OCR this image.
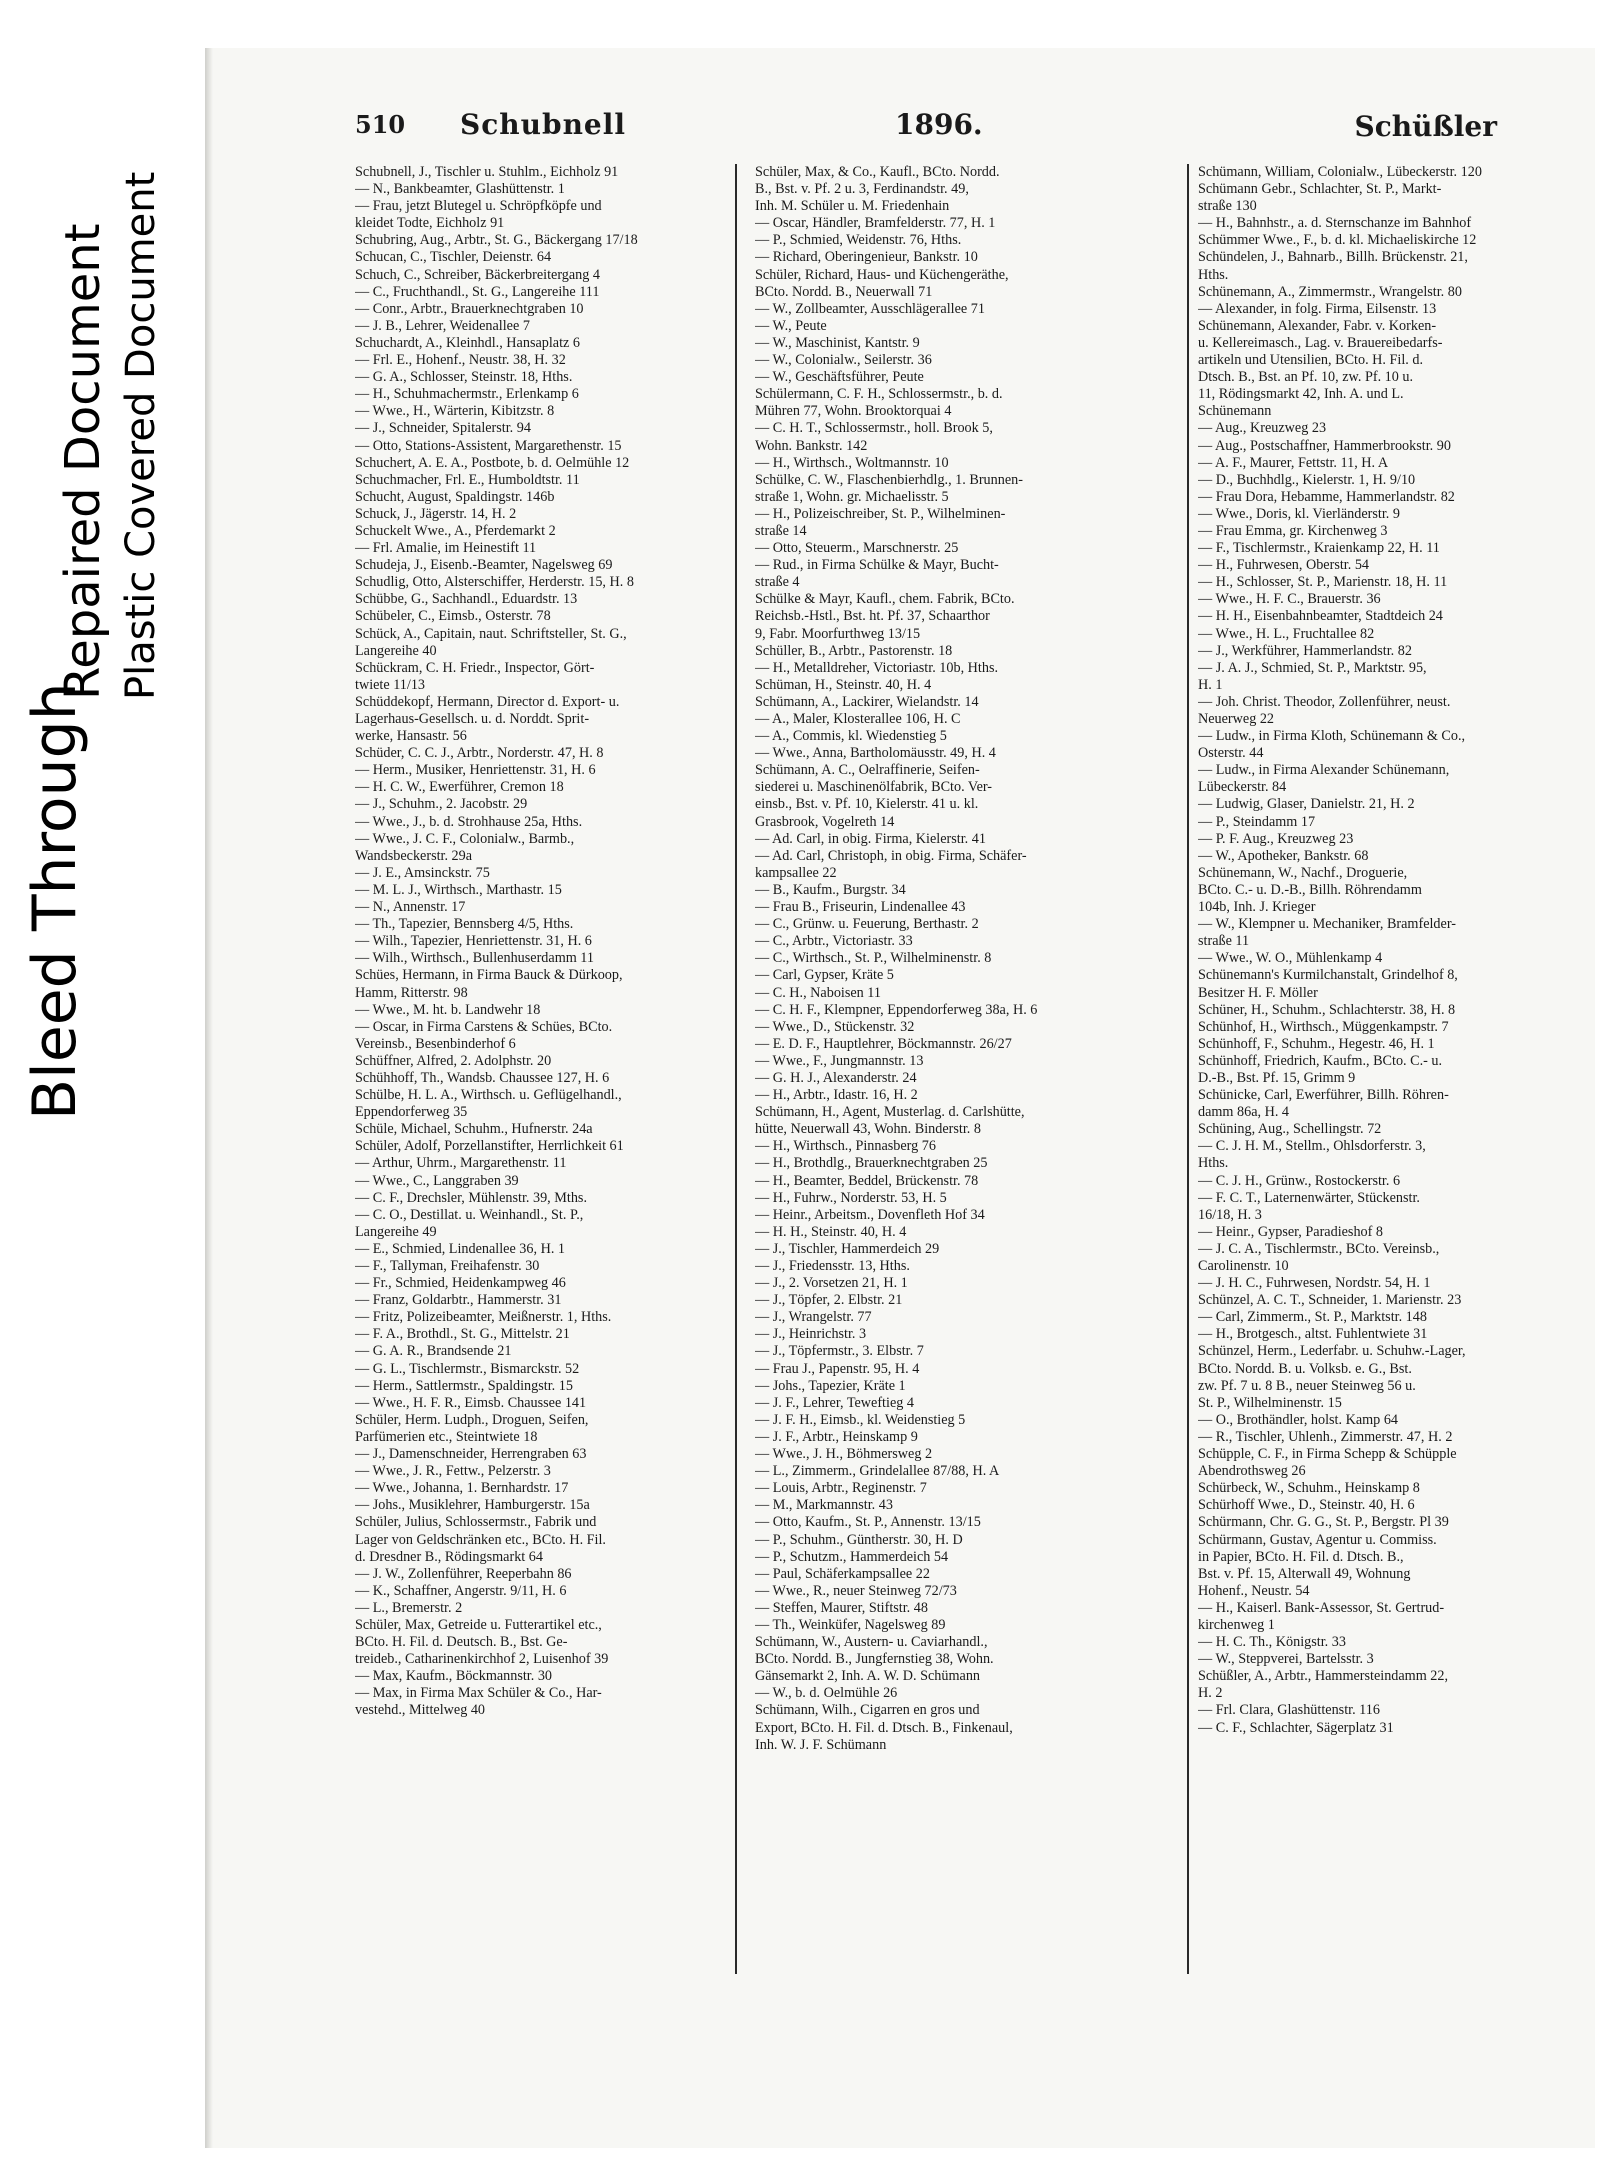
Bleed Through
Repaired Document Plastic Covered Document
510 Schubnell	1896.	Schüßler
Schubnell, J., Tischler u. Stuhlm., Eichholz 91
— N., Bankbeamter, Glashüttenstr. 1
— Frau, jetzt Blutegel u. Schröpfköpfe und
kleidet Todte, Eichholz 91
Schubring, Aug., Arbtr., St. G., Bäckergang 17/18
Schucan, C., Tischler, Deienstr. 64
Schuch, C., Schreiber, Bäckerbreitergang 4
— C., Fruchthandl., St. G., Langereihe 111
— Conr., Arbtr., Brauerknechtgraben 10
— J. B., Lehrer, Weidenallee 7
Schuchardt, A., Kleinhdl., Hansaplatz 6
— Frl. E., Hohenf., Neustr. 38, H. 32
— G. A., Schlosser, Steinstr. 18, Hths.
— H., Schuhmachermstr., Erlenkamp 6
— Wwe., H., Wärterin, Kibitzstr. 8
— J., Schneider, Spitalerstr. 94
— Otto, Stations-Assistent, Margarethenstr. 15
Schuchert, A. E. A., Postbote, b. d. Oelmühle 12
Schuchmacher, Frl. E., Humboldtstr. 11
Schucht, August, Spaldingstr. 146b
Schuck, J., Jägerstr. 14, H. 2
Schuckelt Wwe., A., Pferdemarkt 2
— Frl. Amalie, im Heinestift 11
Schudeja, J., Eisenb.-Beamter, Nagelsweg 69
Schudlig, Otto, Alsterschiffer, Herderstr. 15, H. 8
Schübbe, G., Sachhandl., Eduardstr. 13
Schübeler, C., Eimsb., Osterstr. 78
Schück, A., Capitain, naut. Schriftsteller, St. G.,
Langereihe 40
Schückram, C. H. Friedr., Inspector, Gört-
twiete 11/13
Schüddekopf, Hermann, Director d. Export- u.
Lagerhaus-Gesellsch. u. d. Norddt. Sprit-
werke, Hansastr. 56
Schüder, C. C. J., Arbtr., Norderstr. 47, H. 8
— Herm., Musiker, Henriettenstr. 31, H. 6
— H. C. W., Ewerführer, Cremon 18
— J., Schuhm., 2. Jacobstr. 29
— Wwe., J., b. d. Strohhause 25a, Hths.
— Wwe., J. C. F., Colonialw., Barmb.,
Wandsbeckerstr. 29a
— J. E., Amsinckstr. 75
— M. L. J., Wirthsch., Marthastr. 15
— N., Annenstr. 17
— Th., Tapezier, Bennsberg 4/5, Hths.
— Wilh., Tapezier, Henriettenstr. 31, H. 6
— Wilh., Wirthsch., Bullenhuserdamm 11
Schües, Hermann, in Firma Bauck & Dürkoop,
Hamm, Ritterstr. 98
— Wwe., M. ht. b. Landwehr 18
— Oscar, in Firma Carstens & Schües, BCto.
Vereinsb., Besenbinderhof 6
Schüffner, Alfred, 2. Adolphstr. 20
Schühhoff, Th., Wandsb. Chaussee 127, H. 6
Schülbe, H. L. A., Wirthsch. u. Geflügelhandl.,
Eppendorferweg 35
Schüle, Michael, Schuhm., Hufnerstr. 24a
Schüler, Adolf, Porzellanstifter, Herrlichkeit 61
— Arthur, Uhrm., Margarethenstr. 11
— Wwe., C., Langgraben 39
— C. F., Drechsler, Mühlenstr. 39, Mths.
— C. O., Destillat. u. Weinhandl., St. P.,
Langereihe 49
— E., Schmied, Lindenallee 36, H. 1
— F., Tallyman, Freihafenstr. 30
— Fr., Schmied, Heidenkampweg 46
— Franz, Goldarbtr., Hammerstr. 31
— Fritz, Polizeibeamter, Meißnerstr. 1, Hths.
— F. A., Brothdl., St. G., Mittelstr. 21
— G. A. R., Brandsende 21
— G. L., Tischlermstr., Bismarckstr. 52
— Herm., Sattlermstr., Spaldingstr. 15
— Wwe., H. F. R., Eimsb. Chaussee 141
Schüler, Herm. Ludph., Droguen, Seifen,
Parfümerien etc., Steintwiete 18
— J., Damenschneider, Herrengraben 63
— Wwe., J. R., Fettw., Pelzerstr. 3
— Wwe., Johanna, 1. Bernhardstr. 17
— Johs., Musiklehrer, Hamburgerstr. 15a
Schüler, Julius, Schlossermstr., Fabrik und
Lager von Geldschränken etc., BCto. H. Fil.
d. Dresdner B., Rödingsmarkt 64
— J. W., Zollenführer, Reeperbahn 86
— K., Schaffner, Angerstr. 9/11, H. 6
— L., Bremerstr. 2
Schüler, Max, Getreide u. Futterartikel etc.,
BCto. H. Fil. d. Deutsch. B., Bst. Ge-
treideb., Catharinenkirchhof 2, Luisenhof 39
— Max, Kaufm., Böckmannstr. 30
— Max, in Firma Max Schüler & Co., Har-
vestehd., Mittelweg 40
Schüler, Max, & Co., Kaufl., BCto. Nordd.
B., Bst. v. Pf. 2 u. 3, Ferdinandstr. 49,
Inh. M. Schüler u. M. Friedenhain
— Oscar, Händler, Bramfelderstr. 77, H. 1
— P., Schmied, Weidenstr. 76, Hths.
— Richard, Oberingenieur, Bankstr. 10
Schüler, Richard, Haus- und Küchengeräthe,
BCto. Nordd. B., Neuerwall 71
— W., Zollbeamter, Ausschlägerallee 71
— W., Peute
— W., Maschinist, Kantstr. 9
— W., Colonialw., Seilerstr. 36
— W., Geschäftsführer, Peute
Schülermann, C. F. H., Schlossermstr., b. d.
Mühren 77, Wohn. Brooktorquai 4
— C. H. T., Schlossermstr., holl. Brook 5,
Wohn. Bankstr. 142
— H., Wirthsch., Woltmannstr. 10
Schülke, C. W., Flaschenbierhdlg., 1. Brunnen-
straße 1, Wohn. gr. Michaelisstr. 5
— H., Polizeischreiber, St. P., Wilhelminen-
straße 14
— Otto, Steuerm., Marschnerstr. 25
— Rud., in Firma Schülke & Mayr, Bucht-
straße 4
Schülke & Mayr, Kaufl., chem. Fabrik, BCto.
Reichsb.-Hstl., Bst. ht. Pf. 37, Schaarthor
9, Fabr. Moorfurthweg 13/15
Schüller, B., Arbtr., Pastorenstr. 18
— H., Metalldreher, Victoriastr. 10b, Hths.
Schüman, H., Steinstr. 40, H. 4
Schümann, A., Lackirer, Wielandstr. 14
— A., Maler, Klosterallee 106, H. C
— A., Commis, kl. Wiedenstieg 5
— Wwe., Anna, Bartholomäusstr. 49, H. 4
Schümann, A. C., Oelraffinerie, Seifen-
siederei u. Maschinenölfabrik, BCto. Ver-
einsb., Bst. v. Pf. 10, Kielerstr. 41 u. kl.
Grasbrook, Vogelreth 14
— Ad. Carl, in obig. Firma, Kielerstr. 41
— Ad. Carl, Christoph, in obig. Firma, Schäfer-
kampsallee 22
— B., Kaufm., Burgstr. 34
— Frau B., Friseurin, Lindenallee 43
— C., Grünw. u. Feuerung, Berthastr. 2
— C., Arbtr., Victoriastr. 33
— C., Wirthsch., St. P., Wilhelminenstr. 8
— Carl, Gypser, Kräte 5
— C. H., Naboisen 11
— C. H. F., Klempner, Eppendorferweg 38a, H. 6
— Wwe., D., Stückenstr. 32
— E. D. F., Hauptlehrer, Böckmannstr. 26/27
— Wwe., F., Jungmannstr. 13
— G. H. J., Alexanderstr. 24
— H., Arbtr., Idastr. 16, H. 2
Schümann, H., Agent, Musterlag. d. Carlshütte,
hütte, Neuerwall 43, Wohn. Binderstr. 8
— H., Wirthsch., Pinnasberg 76
— H., Brothdlg., Brauerknechtgraben 25
— H., Beamter, Beddel, Brückenstr. 78
— H., Fuhrw., Norderstr. 53, H. 5
— Heinr., Arbeitsm., Dovenfleth Hof 34
— H. H., Steinstr. 40, H. 4
— J., Tischler, Hammerdeich 29
— J., Friedensstr. 13, Hths.
— J., 2. Vorsetzen 21, H. 1
— J., Töpfer, 2. Elbstr. 21
— J., Wrangelstr. 77
— J., Heinrichstr. 3
— J., Töpfermstr., 3. Elbstr. 7
— Frau J., Papenstr. 95, H. 4
— Johs., Tapezier, Kräte 1
— J. F., Lehrer, Teweftieg 4
— J. F. H., Eimsb., kl. Weidenstieg 5
— J. F., Arbtr., Heinskamp 9
— Wwe., J. H., Böhmersweg 2
— L., Zimmerm., Grindelallee 87/88, H. A
— Louis, Arbtr., Reginenstr. 7
— M., Markmannstr. 43
— Otto, Kaufm., St. P., Annenstr. 13/15
— P., Schuhm., Güntherstr. 30, H. D
— P., Schutzm., Hammerdeich 54
— Paul, Schäferkampsallee 22
— Wwe., R., neuer Steinweg 72/73
— Steffen, Maurer, Stiftstr. 48
— Th., Weinküfer, Nagelsweg 89
Schümann, W., Austern- u. Caviarhandl.,
BCto. Nordd. B., Jungfernstieg 38, Wohn.
Gänsemarkt 2, Inh. A. W. D. Schümann
— W., b. d. Oelmühle 26
Schümann, Wilh., Cigarren en gros und
Export, BCto. H. Fil. d. Dtsch. B., Finkenaul,
Inh. W. J. F. Schümann
Schümann, William, Colonialw., Lübeckerstr. 120
Schümann Gebr., Schlachter, St. P., Markt-
straße 130
— H., Bahnhstr., a. d. Sternschanze im Bahnhof
Schümmer Wwe., F., b. d. kl. Michaeliskirche 12
Schündelen, J., Bahnarb., Billh. Brückenstr. 21,
Hths.
Schünemann, A., Zimmermstr., Wrangelstr. 80
— Alexander, in folg. Firma, Eilsenstr. 13
Schünemann, Alexander, Fabr. v. Korken-
u. Kellereimasch., Lag. v. Brauereibedarfs-
artikeln und Utensilien, BCto. H. Fil. d.
Dtsch. B., Bst. an Pf. 10, zw. Pf. 10 u.
11, Rödingsmarkt 42, Inh. A. und L.
Schünemann
— Aug., Kreuzweg 23
— Aug., Postschaffner, Hammerbrookstr. 90
— A. F., Maurer, Fettstr. 11, H. A
— D., Buchhdlg., Kielerstr. 1, H. 9/10
— Frau Dora, Hebamme, Hammerlandstr. 82
— Wwe., Doris, kl. Vierländerstr. 9
— Frau Emma, gr. Kirchenweg 3
— F., Tischlermstr., Kraienkamp 22, H. 11
— H., Fuhrwesen, Oberstr. 54
— H., Schlosser, St. P., Marienstr. 18, H. 11
— Wwe., H. F. C., Brauerstr. 36
— H. H., Eisenbahnbeamter, Stadtdeich 24
— Wwe., H. L., Fruchtallee 82
— J., Werkführer, Hammerlandstr. 82
— J. A. J., Schmied, St. P., Marktstr. 95,
H. 1
— Joh. Christ. Theodor, Zollenführer, neust.
Neuerweg 22
— Ludw., in Firma Kloth, Schünemann & Co.,
Osterstr. 44
— Ludw., in Firma Alexander Schünemann,
Lübeckerstr. 84
— Ludwig, Glaser, Danielstr. 21, H. 2
— P., Steindamm 17
— P. F. Aug., Kreuzweg 23
— W., Apotheker, Bankstr. 68
Schünemann, W., Nachf., Droguerie,
BCto. C.- u. D.-B., Billh. Röhrendamm
104b, Inh. J. Krieger
— W., Klempner u. Mechaniker, Bramfelder-
straße 11
— Wwe., W. O., Mühlenkamp 4
Schünemann's Kurmilchanstalt, Grindelhof 8,
Besitzer H. F. Möller
Schüner, H., Schuhm., Schlachterstr. 38, H. 8
Schünhof, H., Wirthsch., Müggenkampstr. 7
Schünhoff, F., Schuhm., Hegestr. 46, H. 1
Schünhoff, Friedrich, Kaufm., BCto. C.- u.
D.-B., Bst. Pf. 15, Grimm 9
Schünicke, Carl, Ewerführer, Billh. Röhren-
damm 86a, H. 4
Schüning, Aug., Schellingstr. 72
— C. J. H. M., Stellm., Ohlsdorferstr. 3,
Hths.
— C. J. H., Grünw., Rostockerstr. 6
— F. C. T., Laternenwärter, Stückenstr.
16/18, H. 3
— Heinr., Gypser, Paradieshof 8
— J. C. A., Tischlermstr., BCto. Vereinsb.,
Carolinenstr. 10
— J. H. C., Fuhrwesen, Nordstr. 54, H. 1
Schünzel, A. C. T., Schneider, 1. Marienstr. 23
— Carl, Zimmerm., St. P., Marktstr. 148
— H., Brotgesch., altst. Fuhlentwiete 31
Schünzel, Herm., Lederfabr. u. Schuhw.-Lager,
BCto. Nordd. B. u. Volksb. e. G., Bst.
zw. Pf. 7 u. 8 B., neuer Steinweg 56 u.
St. P., Wilhelminenstr. 15
— O., Brothändler, holst. Kamp 64
— R., Tischler, Uhlenh., Zimmerstr. 47, H. 2
Schüpple, C. F., in Firma Schepp & Schüpple
Abendrothsweg 26
Schürbeck, W., Schuhm., Heinskamp 8
Schürhoff Wwe., D., Steinstr. 40, H. 6
Schürmann, Chr. G. G., St. P., Bergstr. Pl 39
Schürmann, Gustav, Agentur u. Commiss.
in Papier, BCto. H. Fil. d. Dtsch. B.,
Bst. v. Pf. 15, Alterwall 49, Wohnung
Hohenf., Neustr. 54
— H., Kaiserl. Bank-Assessor, St. Gertrud-
kirchenweg 1
— H. C. Th., Königstr. 33
— W., Steppverei, Bartelsstr. 3
Schüßler, A., Arbtr., Hammersteindamm 22,
H. 2
— Frl. Clara, Glashüttenstr. 116
— C. F., Schlachter, Sägerplatz 31
